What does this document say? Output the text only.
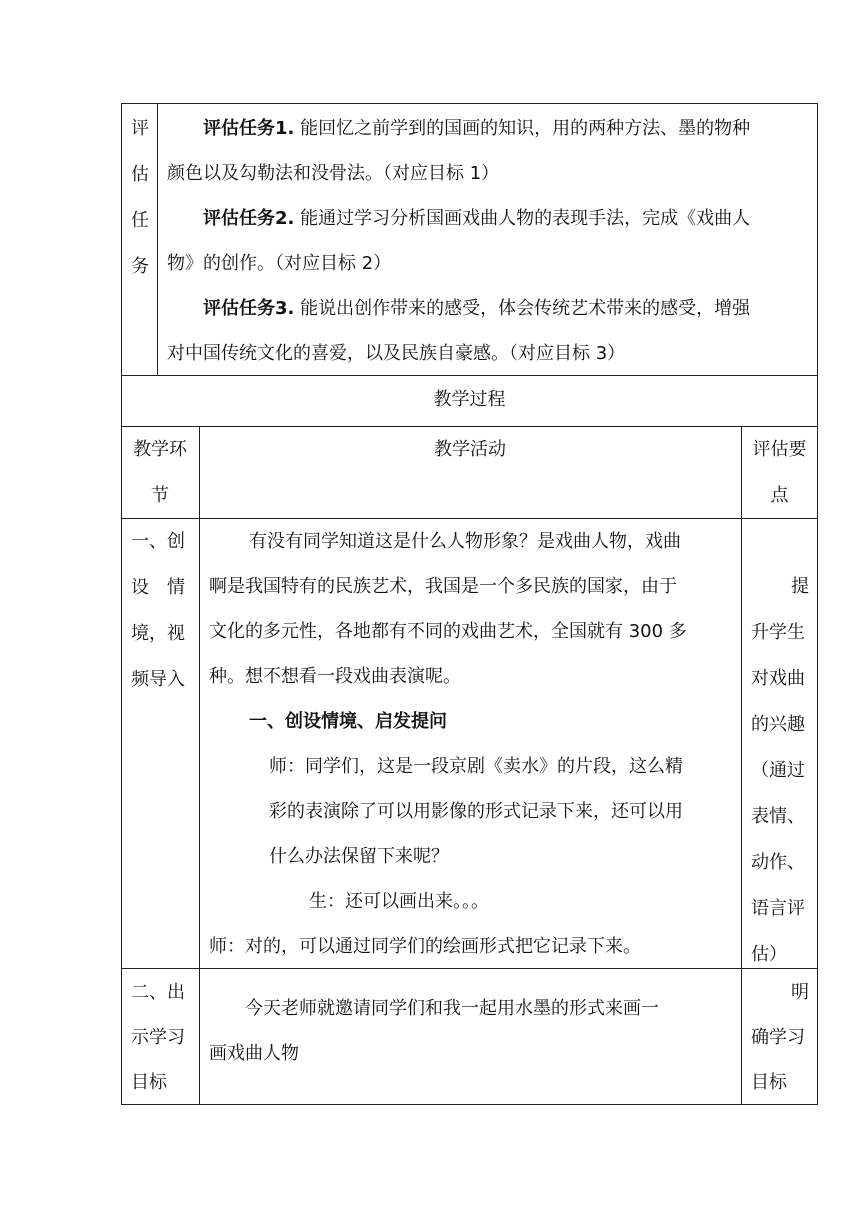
评
估
任
务
评估任务1. 能回忆之前学到的国画的知识，用的两种方法、墨的物种
颜色以及勾勒法和没骨法。（对应目标 1）
评估任务2. 能通过学习分析国画戏曲人物的表现手法，完成《戏曲人
物》的创作。（对应目标 2）
评估任务3. 能说出创作带来的感受，体会传统艺术带来的感受，增强
对中国传统文化的喜爱，以及民族自豪感。（对应目标 3）
教学过程
教学环
节
教学活动	评估要
点
一、创
设　情
境，视
频导入
有没有同学知道这是什么人物形象？是戏曲人物，戏曲
啊是我国特有的民族艺术，我国是一个多民族的国家，由于
文化的多元性，各地都有不同的戏曲艺术，全国就有 300 多
种。想不想看一段戏曲表演呢。
一、创设情境、启发提问
师：同学们，这是一段京剧《卖水》的片段，这么精
彩的表演除了可以用影像的形式记录下来，还可以用
什么办法保留下来呢？
生：还可以画出来。。。
师：对的，可以通过同学们的绘画形式把它记录下来。
提
升学生
对戏曲
的兴趣
（通过
表情、
动作、
语言评
估）
二、出
示学习
目标
今天老师就邀请同学们和我一起用水墨的形式来画一
画戏曲人物
明
确学习
目标
